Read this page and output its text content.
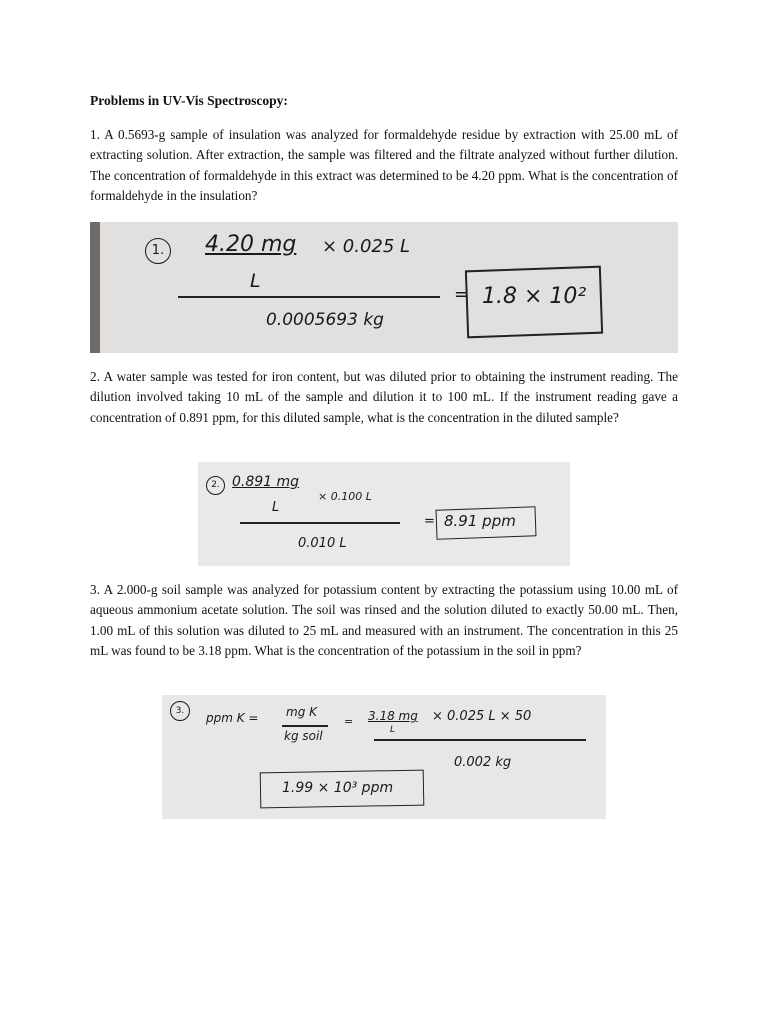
Problems in UV-Vis Spectroscopy:

1. A 0.5693-g sample of insulation was analyzed for formaldehyde residue by extraction with 25.00 mL of extracting solution. After extraction, the sample was filtered and the filtrate analyzed without further dilution. The concentration of formaldehyde in this extract was determined to be 4.20 ppm. What is the concentration of formaldehyde in the insulation?

1.	4.20 mg × 0.025 L
L
0.0005693 kg
= 1.8 × 10²

2. A water sample was tested for iron content, but was diluted prior to obtaining the instrument reading. The dilution involved taking 10 mL of the sample and dilution it to 100 mL. If the instrument reading gave a concentration of 0.891 ppm, for this diluted sample, what is the concentration in the diluted sample?

2. 0.891 mg
× 0.100 L
L
0.010 L
= 8.91 ppm

3. A 2.000-g soil sample was analyzed for potassium content by extracting the potassium using 10.00 mL of aqueous ammonium acetate solution. The soil was rinsed and the solution diluted to exactly 50.00 mL. Then, 1.00 mL of this solution was diluted to 25 mL and measured with an instrument. The concentration in this 25 mL was found to be 3.18 ppm. What is the concentration of the potassium in the soil in ppm?

3.	ppm K = mg K
kg soil
= 3.18 mg × 0.025 L × 50
L
0.002 kg
1.99 × 10³ ppm
